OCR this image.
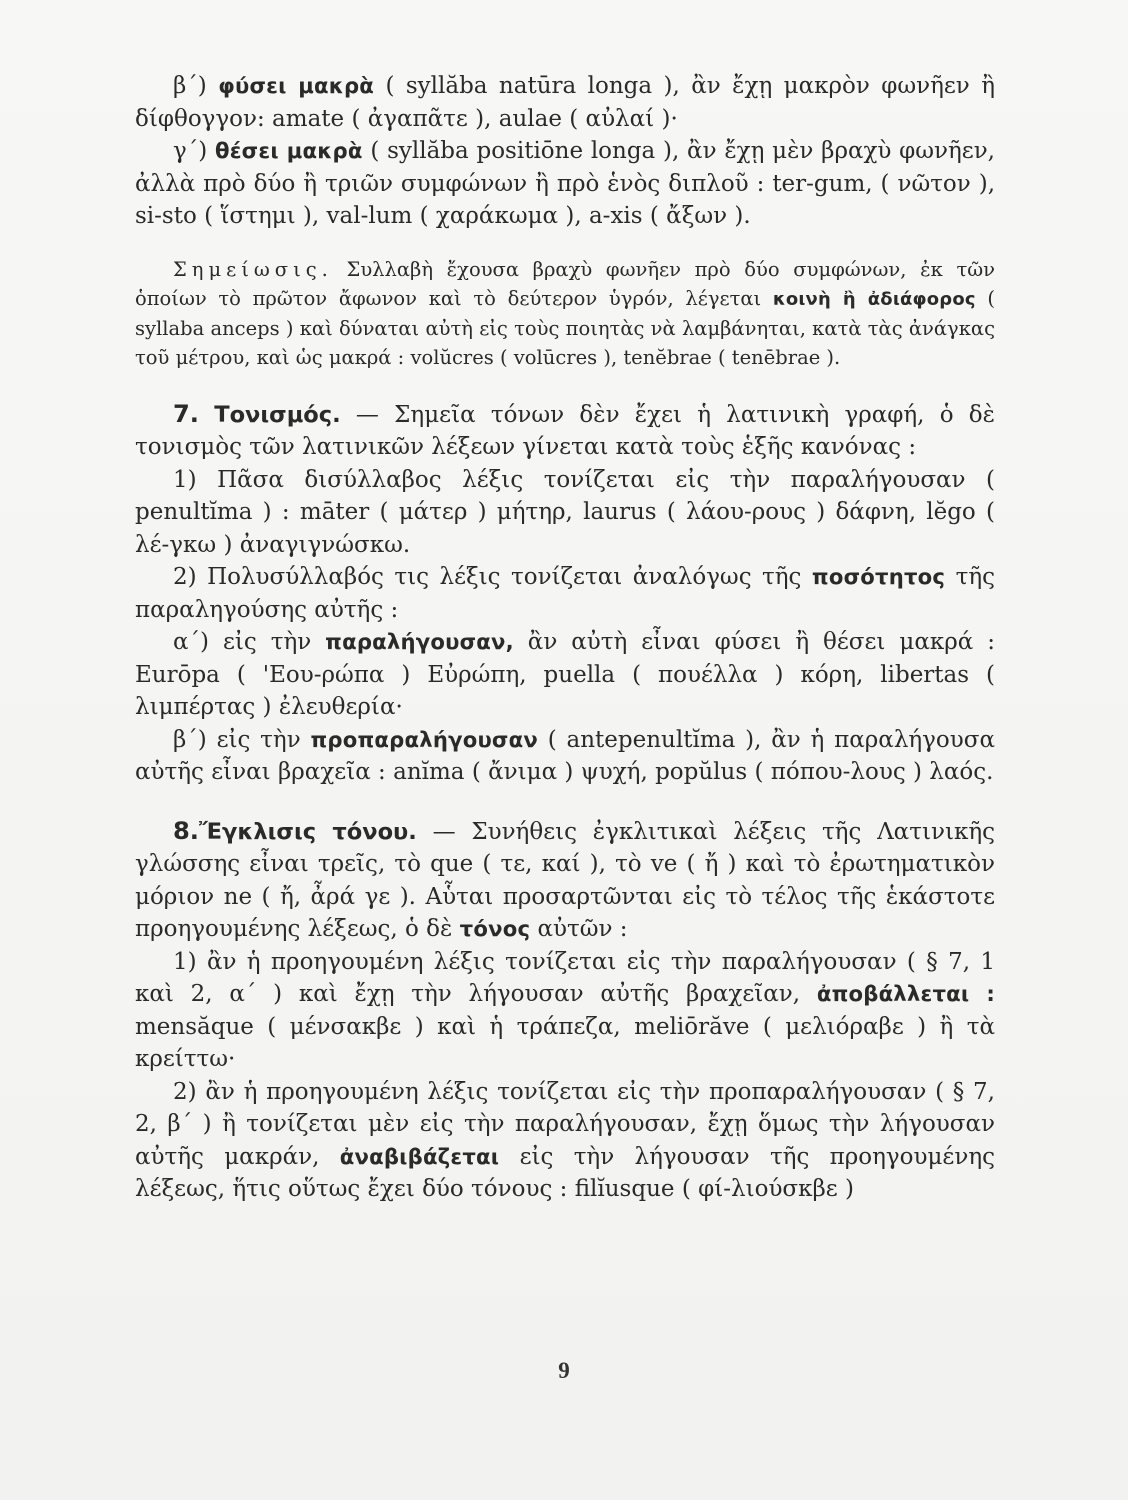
β΄) φύσει μακρὰ ( syllăba natūra longa ), ἂν ἔχῃ μακρὸν φωνῆεν ἢ δίφθογγον: amate ( ἀγαπᾶτε ), aulae ( αὐλαί )·

γ΄) θέσει μακρὰ ( syllăba positiōne longa ), ἂν ἔχῃ μὲν βραχὺ φωνῆεν, ἀλλὰ πρὸ δύο ἢ τριῶν συμφώνων ἢ πρὸ ἑνὸς διπλοῦ : ter-gum, ( νῶτον ), si-sto ( ἵστημι ), val-lum ( χαράκωμα ), a-xis ( ἄξων ).

Σημείωσις. Συλλαβὴ ἔχουσα βραχὺ φωνῆεν πρὸ δύο συμφώνων, ἐκ τῶν ὁποίων τὸ πρῶτον ἄφωνον καὶ τὸ δεύτερον ὑγρόν, λέγεται κοινὴ ἢ ἀδιάφορος ( syllaba anceps ) καὶ δύναται αὐτὴ εἰς τοὺς ποιητὰς νὰ λαμβάνηται, κατὰ τὰς ἀνάγκας τοῦ μέτρου, καὶ ὡς μακρά : volŭcres ( volūcres ), tenĕbrae ( tenēbrae ).

7. Τονισμός. — Σημεῖα τόνων δὲν ἔχει ἡ λατινικὴ γραφή, ὁ δὲ τονισμὸς τῶν λατινικῶν λέξεων γίνεται κατὰ τοὺς ἑξῆς κανόνας :

1) Πᾶσα δισύλλαβος λέξις τονίζεται εἰς τὴν παραλήγουσαν ( penultĭma ) : māter ( μάτερ ) μήτηρ, laurus ( λάου-ρους ) δάφνη, lĕgo ( λέ-γκω ) ἀναγιγνώσκω.

2) Πολυσύλλαβός τις λέξις τονίζεται ἀναλόγως τῆς ποσότητος τῆς παραληγούσης αὐτῆς :

α΄) εἰς τὴν παραλήγουσαν, ἂν αὐτὴ εἶναι φύσει ἢ θέσει μακρά : Eurōpa ( 'Εου-ρώπα ) Εὐρώπη, puella ( πουέλλα ) κόρη, libertas ( λιμπέρτας ) ἐλευθερία·

β΄) εἰς τὴν προπαραλήγουσαν ( antepenultĭma ), ἂν ἡ παραλήγουσα αὐτῆς εἶναι βραχεῖα : anĭma ( ἄνιμα ) ψυχή, popŭlus ( πόπου-λους ) λαός.

8.Ἔγκλισις τόνου. — Συνήθεις ἐγκλιτικαὶ λέξεις τῆς Λατινικῆς γλώσσης εἶναι τρεῖς, τὸ que ( τε, καί ), τὸ ve ( ἤ ) καὶ τὸ ἐρωτηματικὸν μόριον ne ( ἤ, ἆρά γε ). Αὗται προσαρτῶνται εἰς τὸ τέλος τῆς ἑκάστοτε προηγουμένης λέξεως, ὁ δὲ τόνος αὐτῶν :

1) ἂν ἡ προηγουμένη λέξις τονίζεται εἰς τὴν παραλήγουσαν ( § 7, 1 καὶ 2, α΄ ) καὶ ἔχῃ τὴν λήγουσαν αὐτῆς βραχεῖαν, ἀποβάλλεται : mensăque ( μένσακβε ) καὶ ἡ τράπεζα, meliōrăve ( μελιόραβε ) ἢ τὰ κρείττω·

2) ἂν ἡ προηγουμένη λέξις τονίζεται εἰς τὴν προπαραλήγουσαν ( § 7, 2, β΄ ) ἢ τονίζεται μὲν εἰς τὴν παραλήγουσαν, ἔχῃ ὅμως τὴν λήγουσαν αὐτῆς μακράν, ἀναβιβάζεται εἰς τὴν λήγουσαν τῆς προηγουμένης λέξεως, ἥτις οὕτως ἔχει δύο τόνους : filĭusque ( φί-λιούσκβε )

9
